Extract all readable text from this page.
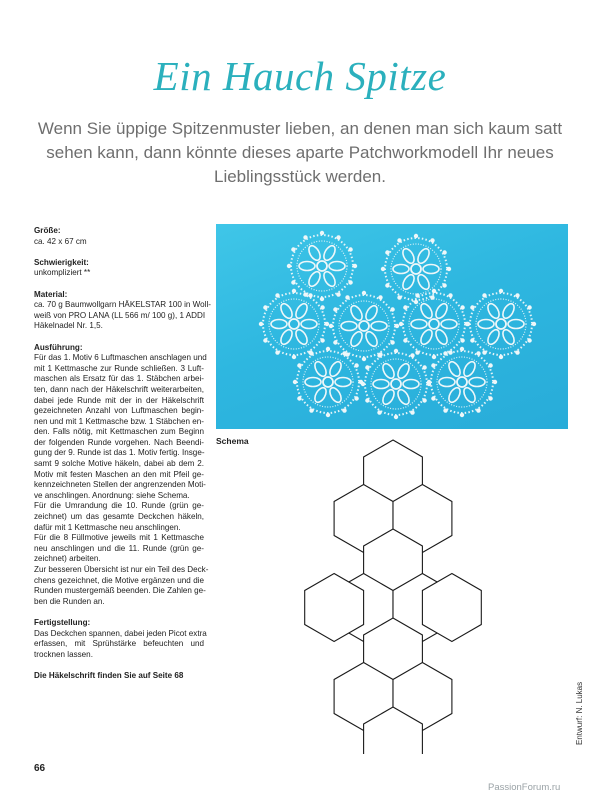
Ein Hauch Spitze

Wenn Sie üppige Spitzenmuster lieben, an denen man sich kaum satt
sehen kann, dann könnte dieses aparte Patchworkmodell Ihr neues
Lieblingsstück werden.

Größe:
ca. 42 x 67 cm
Schwierigkeit:
unkompliziert **
Material:
ca. 70 g Baumwollgarn HÄKELSTAR 100 in Woll-
weiß von PRO LANA (LL 566 m/ 100 g), 1 ADDI
Häkelnadel Nr. 1,5.
Ausführung:
Für das 1. Motiv 6 Luftmaschen anschlagen und
mit 1 Kettmasche zur Runde schließen. 3 Luft-
maschen als Ersatz für das 1. Stäbchen arbei-
ten, dann nach der Häkelschrift weiterarbeiten,
dabei jede Runde mit der in der Häkelschrift
gezeichneten Anzahl von Luftmaschen begin-
nen und mit 1 Kettmasche bzw. 1 Stäbchen en-
den. Falls nötig, mit Kettmaschen zum Beginn
der folgenden Runde vorgehen. Nach Beendi-
gung der 9. Runde ist das 1. Motiv fertig. Insge-
samt 9 solche Motive häkeln, dabei ab dem 2.
Motiv mit festen Maschen an den mit Pfeil ge-
kennzeichneten Stellen der angrenzenden Moti-
ve anschlingen. Anordnung: siehe Schema.
Für die Umrandung die 10. Runde (grün ge-
zeichnet) um das gesamte Deckchen häkeln,
dafür mit 1 Kettmasche neu anschlingen.
Für die 8 Füllmotive jeweils mit 1 Kettmasche
neu anschlingen und die 11. Runde (grün ge-
zeichnet) arbeiten.
Zur besseren Übersicht ist nur ein Teil des Deck-
chens gezeichnet, die Motive ergänzen und die
Runden mustergemäß beenden. Die Zahlen ge-
ben die Runden an.
Fertigstellung:
Das Deckchen spannen, dabei jeden Picot extra
erfassen, mit Sprühstärke befeuchten und
trocknen lassen.
Die Häkelschrift finden Sie auf Seite 68
Schema
Entwurf: N. Lukas
66
PassionForum.ru
